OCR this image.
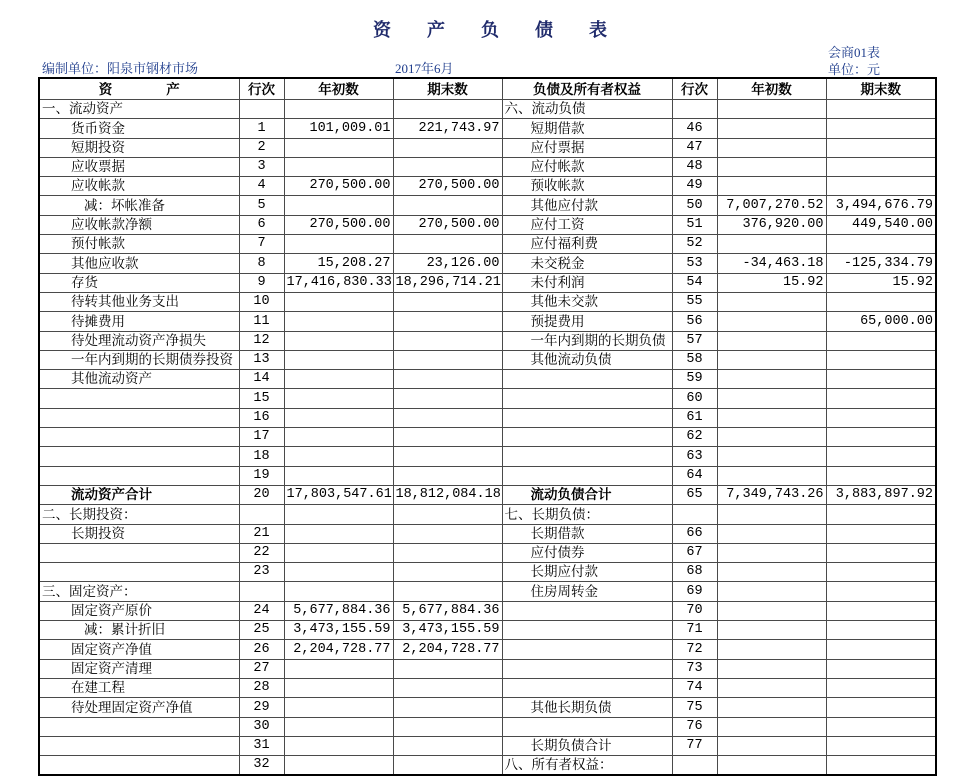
资　产　负　债　表
会商01表
编制单位：阳泉市钢材市场	2017年6月	单位：元
资　　　　产	行次	年初数	期末数	负债及所有者权益	行次	年初数	期末数
一、流动资产				六、流动负债			
货币资金	1	101,009.01	221,743.97	短期借款	46		
短期投资	2			应付票据	47		
应收票据	3			应付帐款	48		
应收帐款	4	270,500.00	270,500.00	预收帐款	49		
减：坏帐准备	5			其他应付款	50	7,007,270.52	3,494,676.79
应收帐款净额	6	270,500.00	270,500.00	应付工资	51	376,920.00	449,540.00
预付帐款	7			应付福利费	52		
其他应收款	8	15,208.27	23,126.00	未交税金	53	-34,463.18	-125,334.79
存货	9	17,416,830.33	18,296,714.21	未付利润	54	15.92	15.92
待转其他业务支出	10			其他未交款	55		
待摊费用	11			预提费用	56		65,000.00
待处理流动资产净损失	12			一年内到期的长期负债	57		
一年内到期的长期债券投资	13			其他流动负债	58		
其他流动资产	14				59		
	15				60		
	16				61		
	17				62		
	18				63		
	19				64		
流动资产合计	20	17,803,547.61	18,812,084.18	流动负债合计	65	7,349,743.26	3,883,897.92
二、长期投资：				七、长期负债：			
长期投资	21			长期借款	66		
	22			应付债券	67		
	23			长期应付款	68		
三、固定资产：				住房周转金	69		
固定资产原价	24	5,677,884.36	5,677,884.36		70		
减：累计折旧	25	3,473,155.59	3,473,155.59		71		
固定资产净值	26	2,204,728.77	2,204,728.77		72		
固定资产清理	27				73		
在建工程	28				74		
待处理固定资产净值	29			其他长期负债	75		
	30				76		
	31			长期负债合计	77		
	32			八、所有者权益：			
